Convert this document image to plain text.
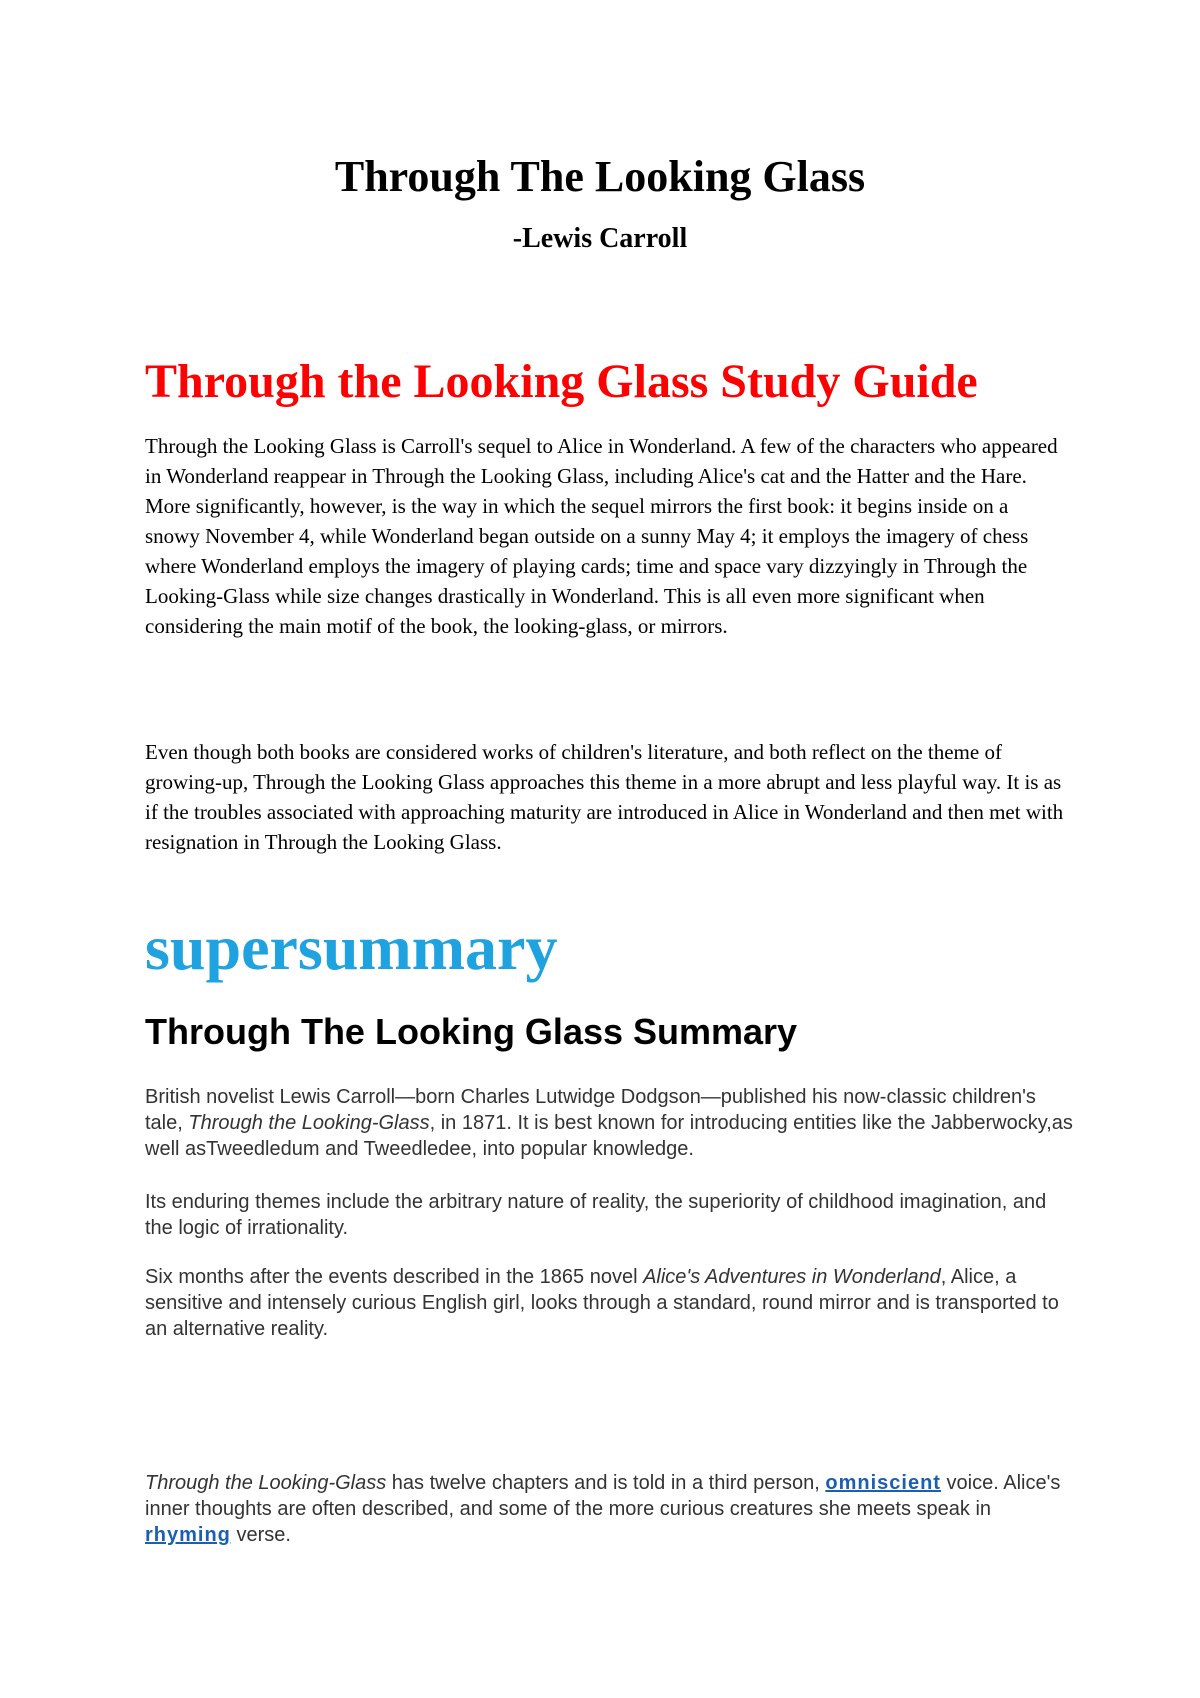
Through The Looking Glass

-Lewis Carroll

Through the Looking Glass Study Guide

Through the Looking Glass is Carroll's sequel to Alice in Wonderland. A few of the characters who appeared in Wonderland reappear in Through the Looking Glass, including Alice's cat and the Hatter and the Hare. More significantly, however, is the way in which the sequel mirrors the first book: it begins inside on a snowy November 4, while Wonderland began outside on a sunny May 4; it employs the imagery of chess where Wonderland employs the imagery of playing cards; time and space vary dizzyingly in Through the Looking-Glass while size changes drastically in Wonderland. This is all even more significant when considering the main motif of the book, the looking-glass, or mirrors.

Even though both books are considered works of children's literature, and both reflect on the theme of growing-up, Through the Looking Glass approaches this theme in a more abrupt and less playful way. It is as if the troubles associated with approaching maturity are introduced in Alice in Wonderland and then met with resignation in Through the Looking Glass.

supersummary
Through The Looking Glass Summary

British novelist Lewis Carroll—born Charles Lutwidge Dodgson—published his now-classic children's tale, Through the Looking-Glass, in 1871. It is best known for introducing entities like the Jabberwocky,as well asTweedledum and Tweedledee, into popular knowledge.

Its enduring themes include the arbitrary nature of reality, the superiority of childhood imagination, and the logic of irrationality.

Six months after the events described in the 1865 novel Alice's Adventures in Wonderland, Alice, a sensitive and intensely curious English girl, looks through a standard, round mirror and is transported to an alternative reality.

Through the Looking-Glass has twelve chapters and is told in a third person, omniscient voice. Alice's inner thoughts are often described, and some of the more curious creatures she meets speak in rhyming verse.
